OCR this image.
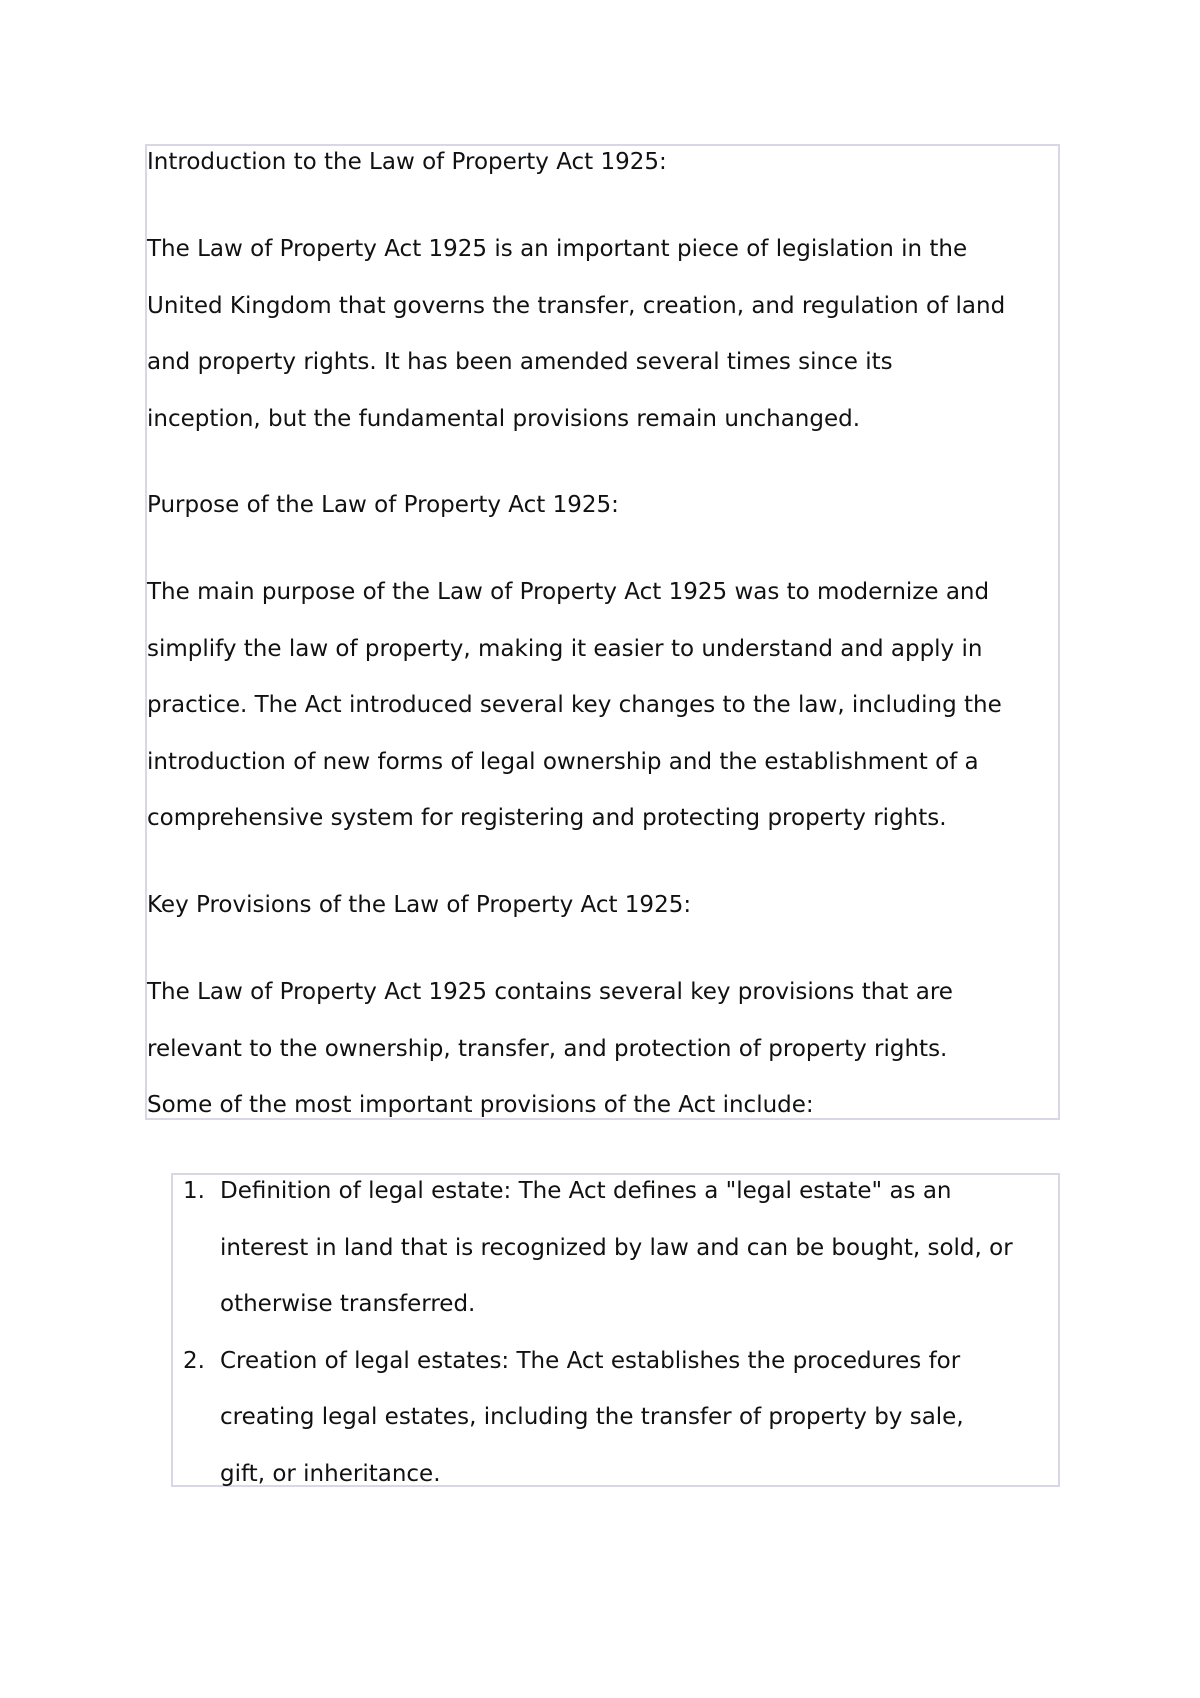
Introduction to the Law of Property Act 1925:

The Law of Property Act 1925 is an important piece of legislation in the
United Kingdom that governs the transfer, creation, and regulation of land
and property rights. It has been amended several times since its
inception, but the fundamental provisions remain unchanged.

Purpose of the Law of Property Act 1925:

The main purpose of the Law of Property Act 1925 was to modernize and
simplify the law of property, making it easier to understand and apply in
practice. The Act introduced several key changes to the law, including the
introduction of new forms of legal ownership and the establishment of a
comprehensive system for registering and protecting property rights.

Key Provisions of the Law of Property Act 1925:

The Law of Property Act 1925 contains several key provisions that are
relevant to the ownership, transfer, and protection of property rights.
Some of the most important provisions of the Act include:

1. Definition of legal estate: The Act defines a "legal estate" as an
interest in land that is recognized by law and can be bought, sold, or
otherwise transferred.
2. Creation of legal estates: The Act establishes the procedures for
creating legal estates, including the transfer of property by sale,
gift, or inheritance.
